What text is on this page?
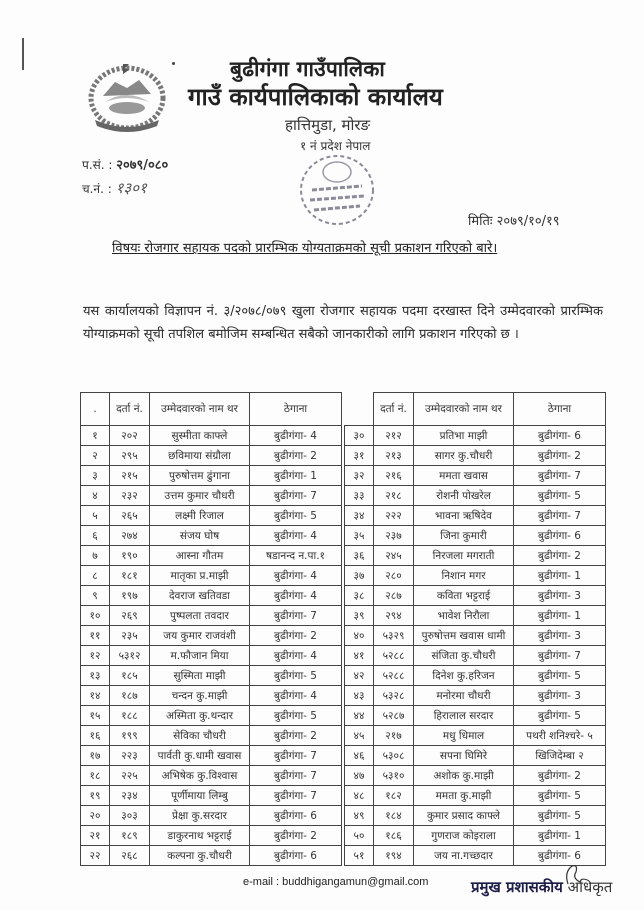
बुढीगंगा गाउँपालिका
गाउँ कार्यपालिकाको कार्यालय
हात्तिमुडा, मोरङ
१ नं प्रदेश नेपाल
प.सं. : २०७९/०८०
च.नं. : १३०१
मितिः २०७९/१०/१९
विषयः रोजगार सहायक पदको प्रारम्भिक योग्यताक्रमको सूची प्रकाशन गरिएको बारे।
यस कार्यालयको विज्ञापन नं. ३/२०७८/०७९ खुला रोजगार सहायक पदमा दरखास्त दिने उम्मेदवारको प्रारम्भिक योग्याक्रमको सूची तपशिल बमोजिम सम्बन्धित सबैको जानकारीको लागि प्रकाशन गरिएको छ ।
.	दर्ता नं.	उम्मेदवारको नाम थर	ठेगाना
१	२०२	सुस्मीता काफ्ले	बुढीगंगा- 4
२	२९५	छविमाया संग्रौला	बुढीगंगा- 2
३	२१५	पुरुषोत्तम ढुंगाना	बुढीगंगा- 1
४	२३२	उत्तम कुमार चौधरी	बुढीगंगा- 7
५	२६५	लक्ष्मी रिजाल	बुढीगंगा- 5
६	२७४	संजय घोष	बुढीगंगा- 4
७	१९०	आस्ना गौतम	षडानन्द न.पा.१
८	१८१	मातृका प्र.माझी	बुढीगंगा- 4
९	१९७	देवराज खतिवडा	बुढीगंगा- 4
१०	२६९	पुष्पलता तवदार	बुढीगंगा- 7
११	२३५	जय कुमार राजवंशी	बुढीगंगा- 2
१२	५३१२	म.फौजान मिया	बुढीगंगा- 4
१३	१८५	सुस्मिता माझी	बुढीगंगा- 5
१४	१८७	चन्दन कु.माझी	बुढीगंगा- 4
१५	१८८	अस्मिता कु.थन्दार	बुढीगंगा- 5
१६	१९९	सेविका चौधरी	बुढीगंगा- 2
१७	२२३	पार्वती कु.धामी खवास	बुढीगंगा- 7
१८	२२५	अभिषेक कु.विश्वास	बुढीगंगा- 7
१९	२३४	पूर्णीमाया लिम्बु	बुढीगंगा- 7
२०	३०३	प्रेक्षा कु.सरदार	बुढीगंगा- 6
२१	१८९	डाकुरनाथ भट्टराई	बुढीगंगा- 2
२२	२६८	कल्पना कु.चौधरी	बुढीगंगा- 6
	दर्ता नं.	उम्मेदवारको नाम थर	ठेगाना
३०	२१२	प्रतिभा माझी	बुढीगंगा- 6
३१	२१३	सागर कु.चौधरी	बुढीगंगा- 2
३२	२१६	ममता खवास	बुढीगंगा- 7
३३	२१८	रोशनी पोखरेल	बुढीगंगा- 5
३४	२२२	भावना ऋषिदेव	बुढीगंगा- 7
३५	२३७	जिना कुमारी	बुढीगंगा- 6
३६	२४५	निरजला मगराती	बुढीगंगा- 2
३७	२८०	निशान मगर	बुढीगंगा- 1
३८	२८७	कविता भट्टराई	बुढीगंगा- 3
३९	२९४	भावेश निरौला	बुढीगंगा- 1
४०	५३२९	पुरुषोत्तम खवास धामी	बुढीगंगा- 3
४१	५२८८	संजिता कु.चौधरी	बुढीगंगा- 7
४२	५२८८	दिनेश कु.हरिजन	बुढीगंगा- 5
४३	५३२८	मनोरमा चौधरी	बुढीगंगा- 3
४४	५२८७	हिरालाल सरदार	बुढीगंगा- 5
४५	२१७	मधु धिमाल	पथरी शनिश्चरे- ५
४६	५३०८	सपना घिमिरे	खिजिदेम्बा २
४७	५३१०	अशोक कु.माझी	बुढीगंगा- 2
४८	१८२	ममता कु.माझी	बुढीगंगा- 5
४९	१८४	कुमार प्रसाद काफ्ले	बुढीगंगा- 5
५०	१८६	गुणराज कोइराला	बुढीगंगा- 1
५१	१९४	जय ना.गच्छदार	बुढीगंगा- 6
e-mail : buddhigangamun@gmail.com	प्रमुख प्रशासकीय अधिकृत
